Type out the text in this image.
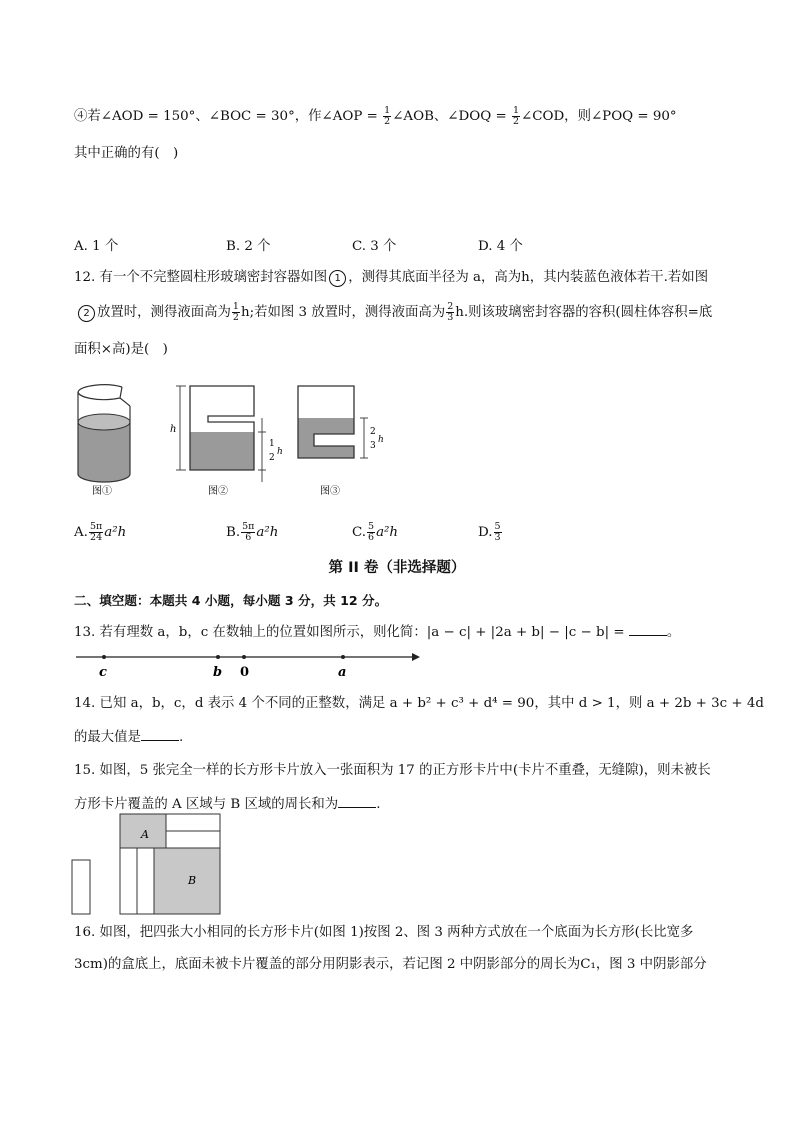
④若∠AOD = 150°、∠BOC = 30°，作∠AOP = $\frac{1}{2}$ ∠AOB、∠DOQ = $\frac{1}{2}$ ∠COD，则∠POQ = 90°
其中正确的有(　)
A. 1 个	B. 2 个	C. 3 个	D. 4 个
12. 有一个不完整圆柱形玻璃密封容器如图 1 ，测得其底面半径为 a，高为h，其内装蓝色液体若干.若如图
2 放置时，测得液面高为 $\frac{1}{2} h$;若如图 3 放置时，测得液面高为 $\frac{2}{3} h$.则该玻璃密封容器的容积(圆柱体容积=底
面积×高)是(　)
h
1
2
h
2
3
h
图①	图②	图③
A. $\frac{5\pi}{24} a^2h$	B. $\frac{5\pi}{6} a^2h$	C. $\frac{5}{6} a^2h$	D. $\frac{5}{3}$
第 II 卷（非选择题）
二、填空题：本题共 4 小题，每小题 3 分，共 12 分。
13. 若有理数 a，b，c 在数轴上的位置如图所示，则化简：|a − c| + |2a + b| − |c − b| =	。
c	b 0	a
14. 已知 a，b，c，d 表示 4 个不同的正整数，满足 a + b² + c³ + d⁴ = 90，其中 d > 1，则 a + 2b + 3c + 4d
的最大值是	.
15. 如图，5 张完全一样的长方形卡片放入一张面积为 17 的正方形卡片中(卡片不重叠，无缝隙)，则未被长
方形卡片覆盖的 A 区域与 B 区域的周长和为	.
A
B
16. 如图，把四张大小相同的长方形卡片(如图 1)按图 2、图 3 两种方式放在一个底面为长方形(长比宽多
3cm)的盒底上，底面未被卡片覆盖的部分用阴影表示，若记图 2 中阴影部分的周长为C₁，图 3 中阴影部分
